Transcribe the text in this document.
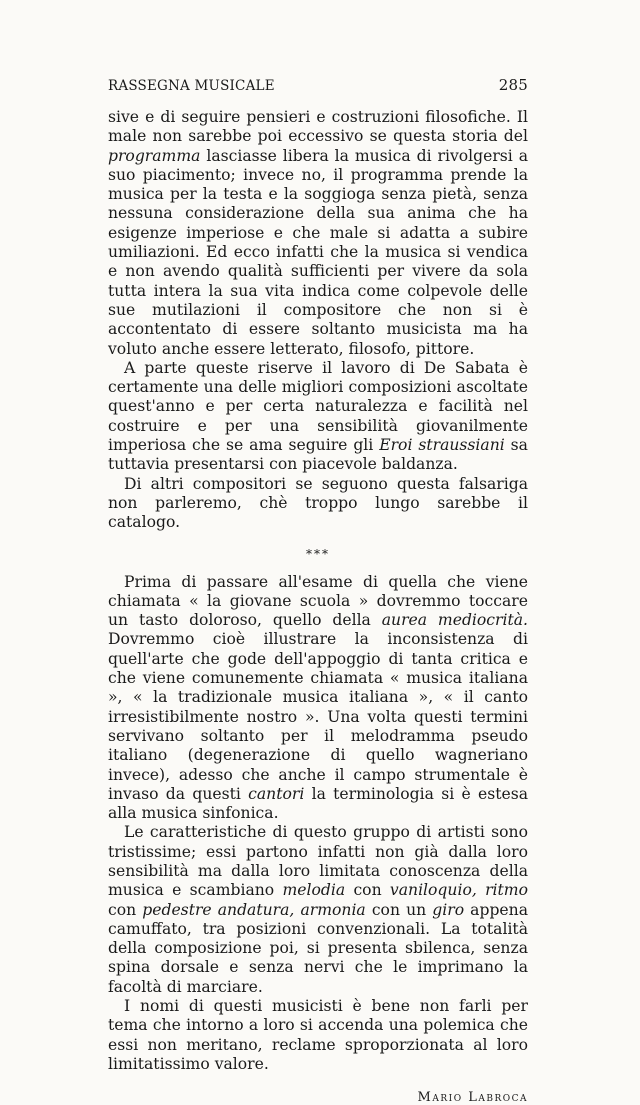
RASSEGNA MUSICALE	285

sive e di seguire pensieri e costruzioni filosofiche. Il male non sarebbe poi eccessivo se questa storia del programma lasciasse libera la musica di rivolgersi a suo piacimento; invece no, il programma prende la musica per la testa e la soggioga senza pietà, senza nessuna considerazione della sua anima che ha esigenze imperiose e che male si adatta a subire umiliazioni. Ed ecco infatti che la musica si vendica e non avendo qualità sufficienti per vivere da sola tutta intera la sua vita indica come colpevole delle sue mutilazioni il compositore che non si è accontentato di essere soltanto musicista ma ha voluto anche essere letterato, filosofo, pittore.

A parte queste riserve il lavoro di De Sabata è certamente una delle migliori composizioni ascoltate quest'anno e per certa naturalezza e facilità nel costruire e per una sensibilità giovanilmente imperiosa che se ama seguire gli Eroi straussiani sa tuttavia presentarsi con piacevole baldanza.

Di altri compositori se seguono questa falsariga non parleremo, chè troppo lungo sarebbe il catalogo.

***

Prima di passare all'esame di quella che viene chiamata « la giovane scuola » dovremmo toccare un tasto doloroso, quello della aurea mediocrità. Dovremmo cioè illustrare la inconsistenza di quell'arte che gode dell'appoggio di tanta critica e che viene comunemente chiamata « musica italiana », « la tradizionale musica italiana », « il canto irresistibilmente nostro ». Una volta questi termini servivano soltanto per il melodramma pseudo italiano (degenerazione di quello wagneriano invece), adesso che anche il campo strumentale è invaso da questi cantori la terminologia si è estesa alla musica sinfonica.

Le caratteristiche di questo gruppo di artisti sono tristissime; essi partono infatti non già dalla loro sensibilità ma dalla loro limitata conoscenza della musica e scambiano melodia con vaniloquio, ritmo con pedestre andatura, armonia con un giro appena camuffato, tra posizioni convenzionali. La totalità della composizione poi, si presenta sbilenca, senza spina dorsale e senza nervi che le imprimano la facoltà di marciare.

I nomi di questi musicisti è bene non farli per tema che intorno a loro si accenda una polemica che essi non meritano, reclame sproporzionata al loro limitatissimo valore.

Mario Labroca
